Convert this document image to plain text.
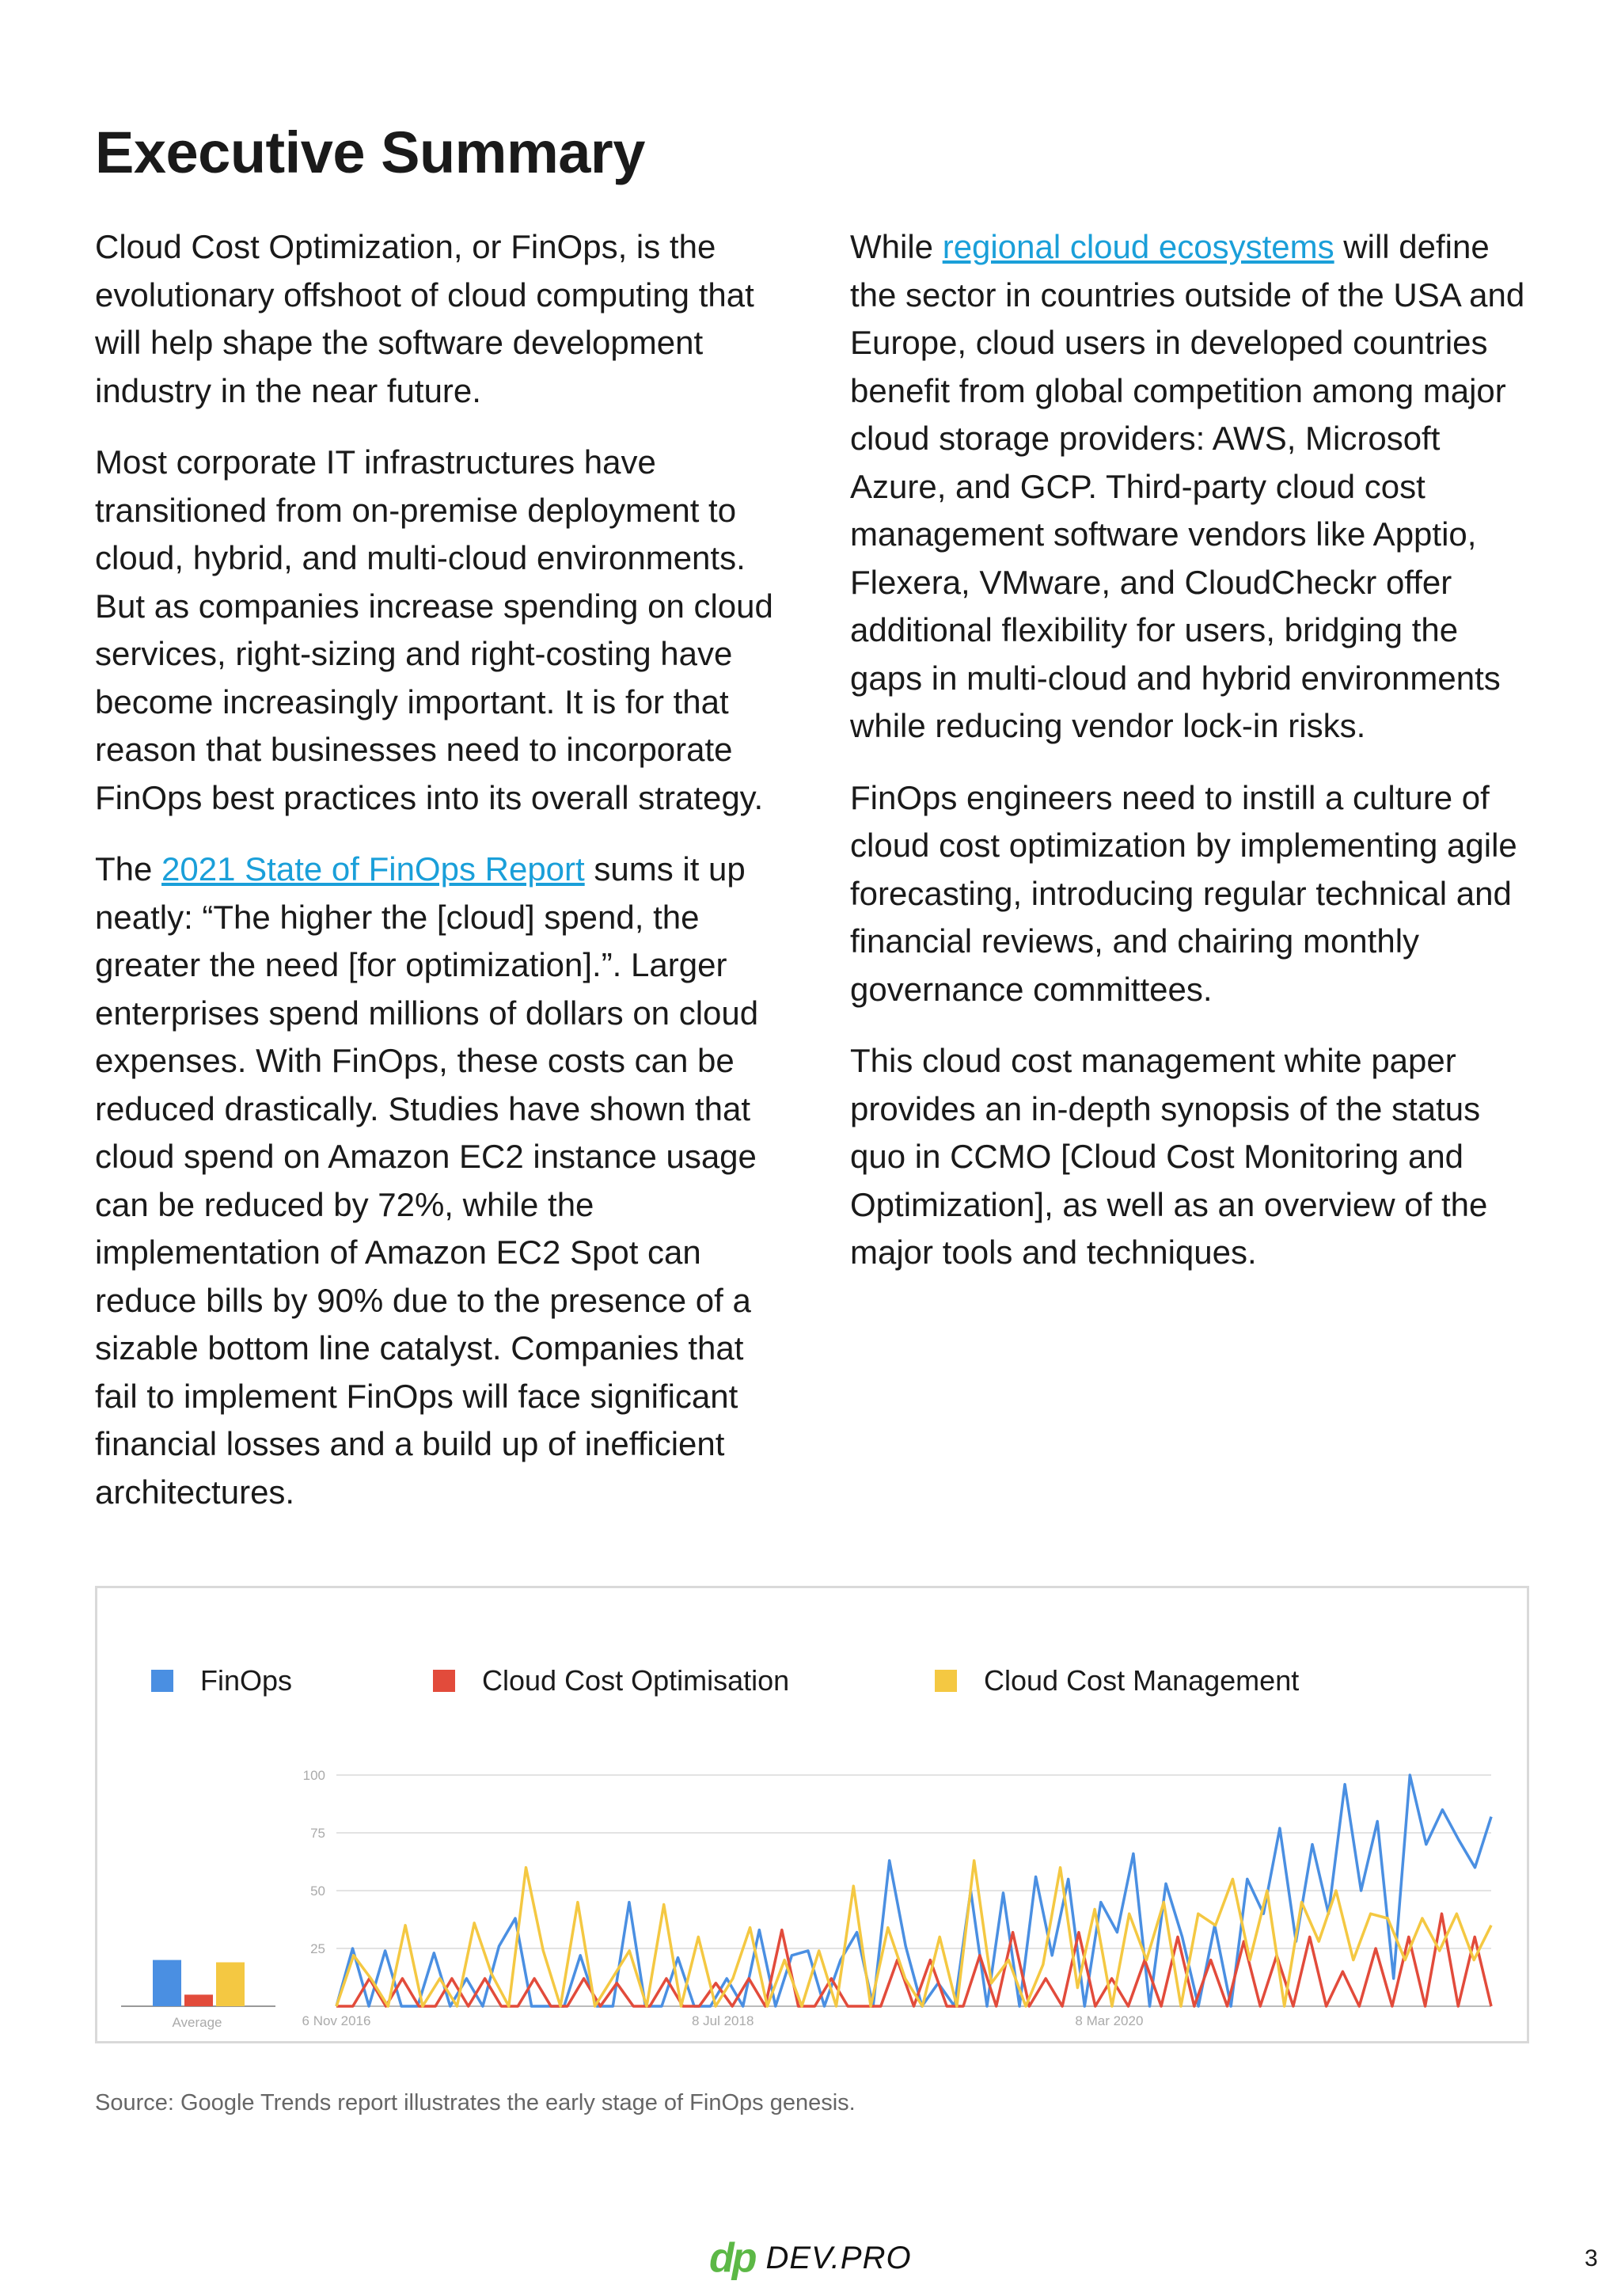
Executive Summary

Cloud Cost Optimization, or FinOps, is the evolutionary offshoot of cloud computing that will help shape the software development industry in the near future.

Most corporate IT infrastructures have transitioned from on-premise deployment to cloud, hybrid, and multi-cloud environments. But as companies increase spending on cloud services, right-sizing and right-costing have become increasingly important. It is for that reason that businesses need to incorporate FinOps best practices into its overall strategy.

The 2021 State of FinOps Report sums it up neatly: “The higher the [cloud] spend, the greater the need [for optimization].”. Larger enterprises spend millions of dollars on cloud expenses. With FinOps, these costs can be reduced drastically. Studies have shown that cloud spend on Amazon EC2 instance usage can be reduced by 72%, while the implementation of Amazon EC2 Spot can reduce bills by 90% due to the presence of a sizable bottom line catalyst. Companies that fail to implement FinOps will face significant financial losses and a build up of inefficient architectures.

While regional cloud ecosystems will define the sector in countries outside of the USA and Europe, cloud users in developed countries benefit from global competition among major cloud storage providers: AWS, Microsoft Azure, and GCP. Third-party cloud cost management software vendors like Apptio, Flexera, VMware, and CloudCheckr offer additional flexibility for users, bridging the gaps in multi-cloud and hybrid environments while reducing vendor lock-in risks.

FinOps engineers need to instill a culture of cloud cost optimization by implementing agile forecasting, introducing regular technical and financial reviews, and chairing monthly governance committees.

This cloud cost management white paper provides an in-depth synopsis of the status quo in CCMO [Cloud Cost Monitoring and Optimization], as well as an overview of the major tools and techniques.

FinOps	Cloud Cost Optimisation	Cloud Cost Management
25
50
75
100
6 Nov 2016	8 Jul 2018	8 Mar 2020
Average
Source: Google Trends report illustrates the early stage of FinOps genesis.
dp DEV.PRO	3
